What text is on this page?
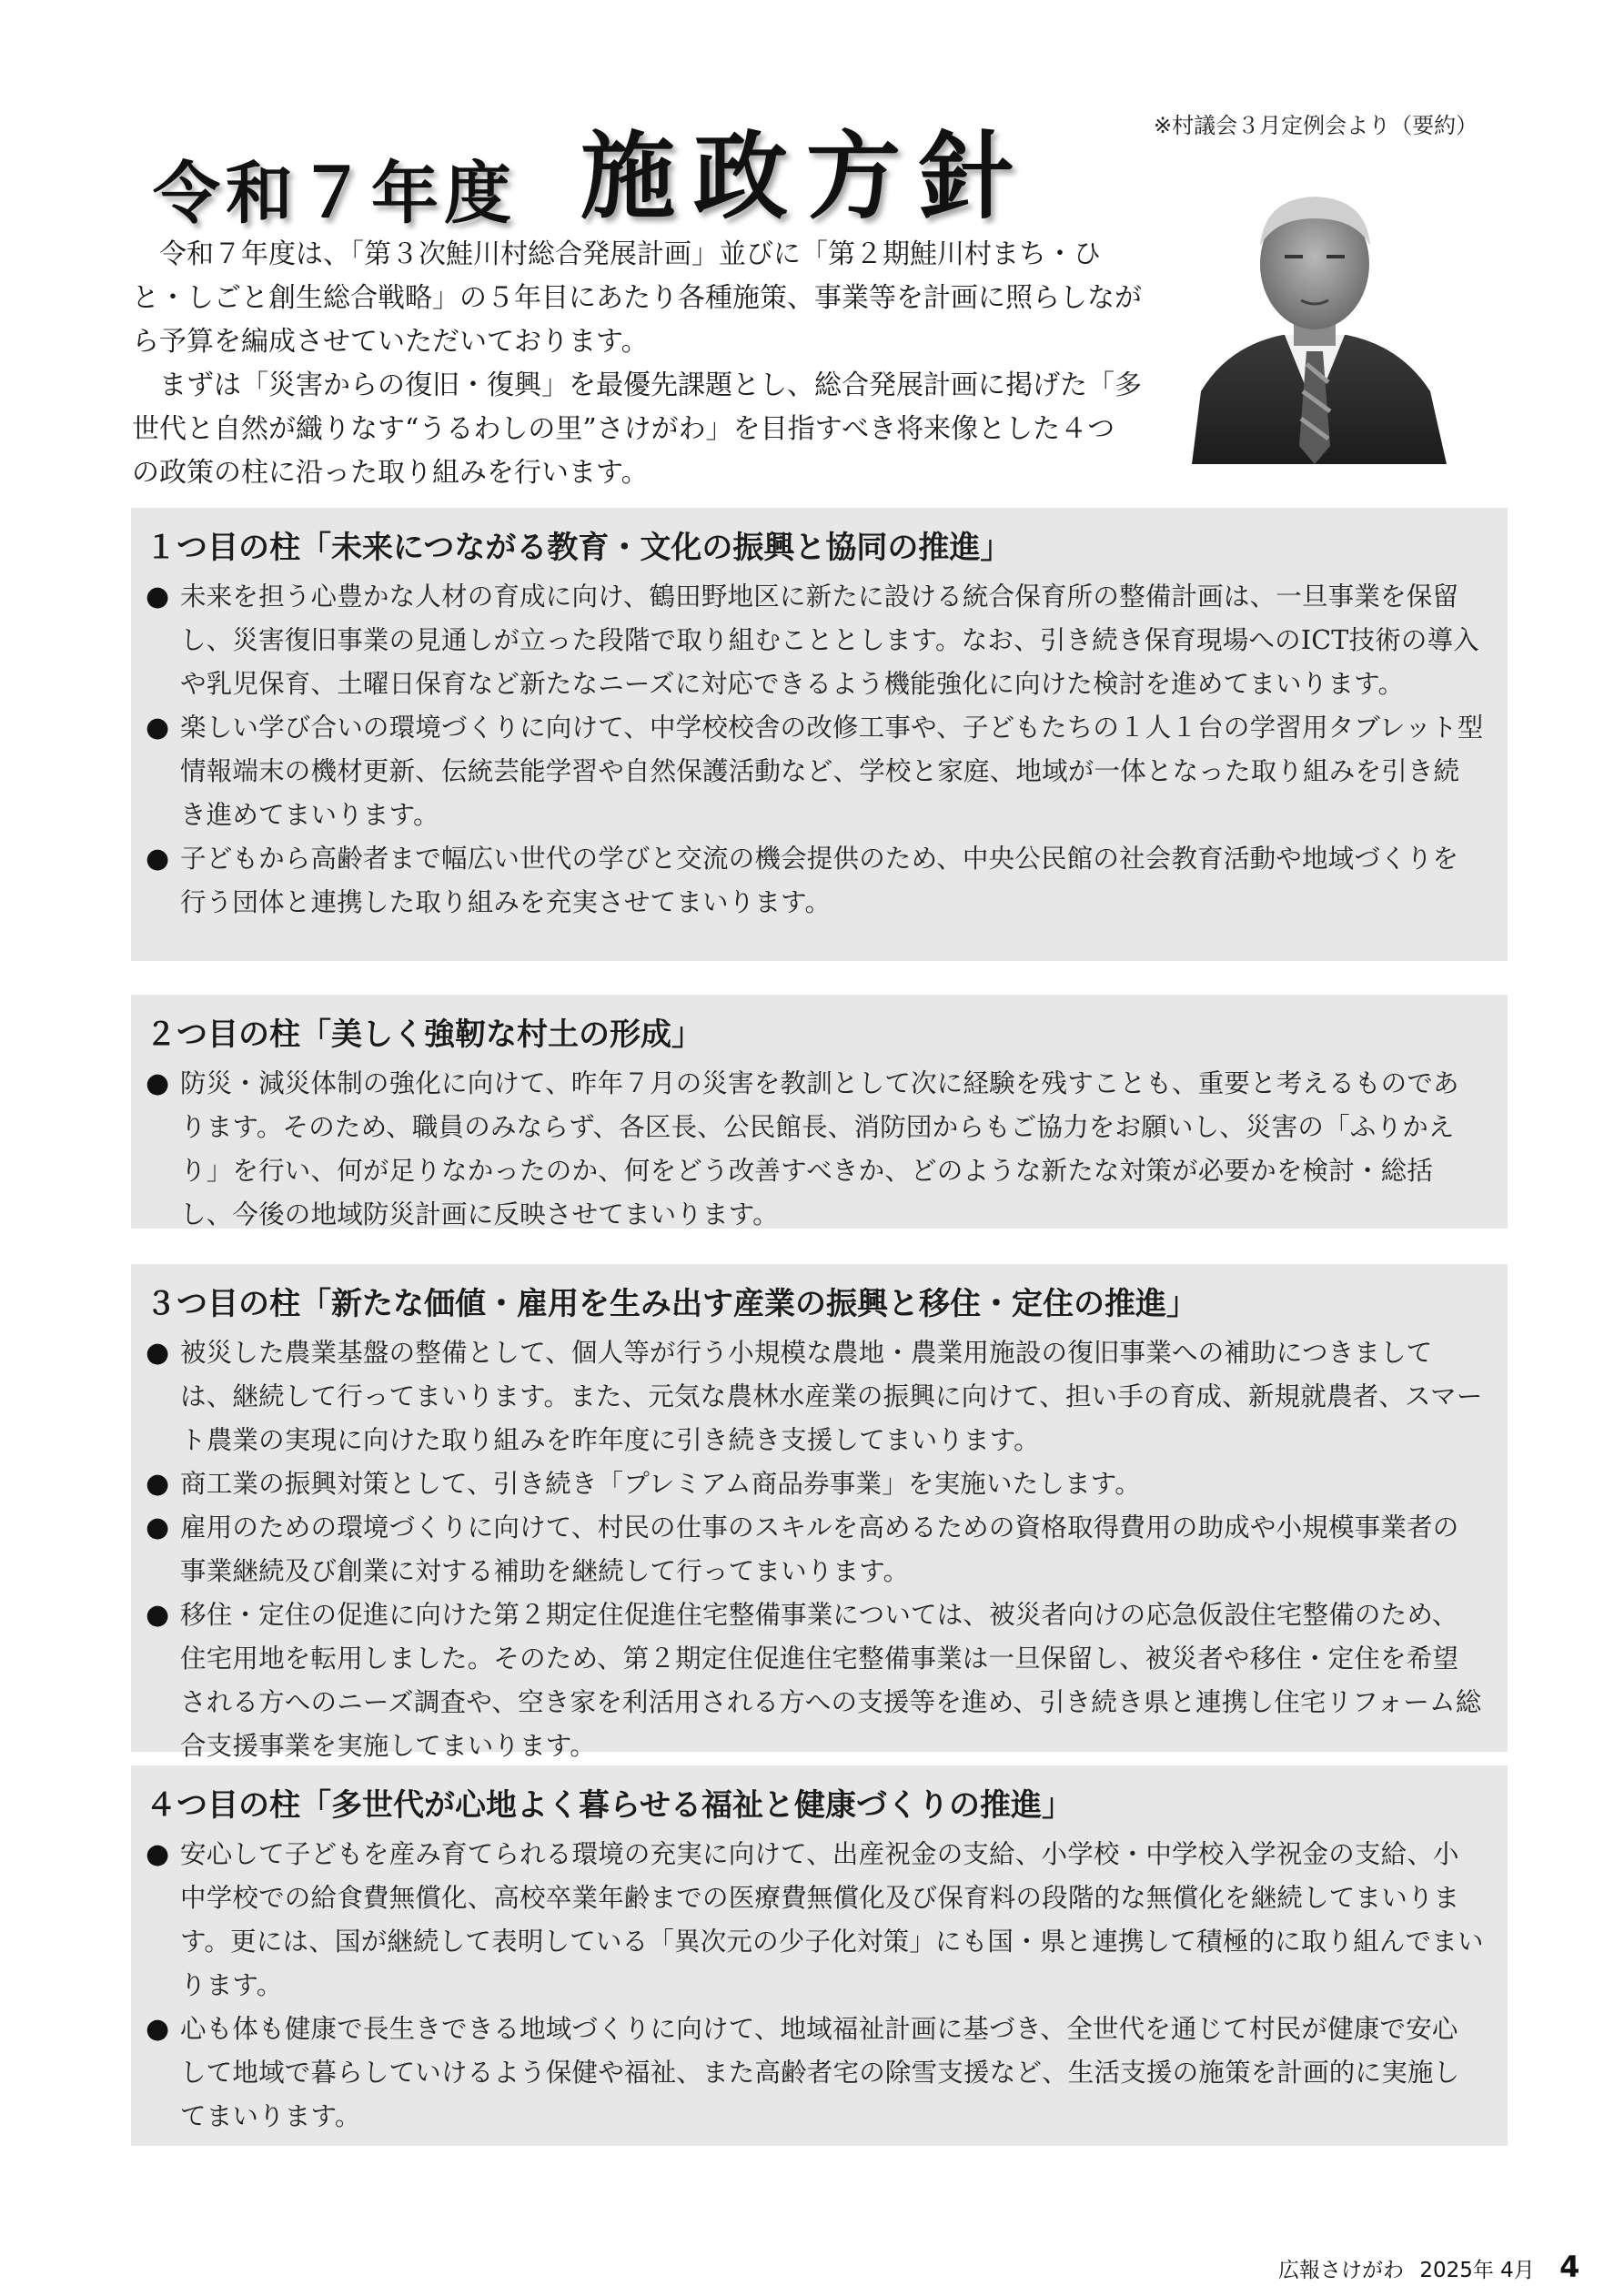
令和７年度 施政方針	※村議会３月定例会より（要約）

令和７年度は、「第３次鮭川村総合発展計画」並びに「第２期鮭川村まち・ひと・しごと創生総合戦略」の５年目にあたり各種施策、事業等を計画に照らしながら予算を編成させていただいております。

まずは「災害からの復旧・復興」を最優先課題とし、総合発展計画に掲げた「多世代と自然が織りなす“うるわしの里”さけがわ」を目指すべき将来像とした４つの政策の柱に沿った取り組みを行います。

１つ目の柱「未来につながる教育・文化の振興と協同の推進」
● 未来を担う心豊かな人材の育成に向け、鶴田野地区に新たに設ける統合保育所の整備計画は、一旦事業を保留し、災害復旧事業の見通しが立った段階で取り組むこととします。なお、引き続き保育現場へのICT技術の導入や乳児保育、土曜日保育など新たなニーズに対応できるよう機能強化に向けた検討を進めてまいります。
● 楽しい学び合いの環境づくりに向けて、中学校校舎の改修工事や、子どもたちの１人１台の学習用タブレット型情報端末の機材更新、伝統芸能学習や自然保護活動など、学校と家庭、地域が一体となった取り組みを引き続き進めてまいります。
● 子どもから高齢者まで幅広い世代の学びと交流の機会提供のため、中央公民館の社会教育活動や地域づくりを行う団体と連携した取り組みを充実させてまいります。
２つ目の柱「美しく強靭な村土の形成」
● 防災・減災体制の強化に向けて、昨年７月の災害を教訓として次に経験を残すことも、重要と考えるものであります。そのため、職員のみならず、各区長、公民館長、消防団からもご協力をお願いし、災害の「ふりかえり」を行い、何が足りなかったのか、何をどう改善すべきか、どのような新たな対策が必要かを検討・総括し、今後の地域防災計画に反映させてまいります。
３つ目の柱「新たな価値・雇用を生み出す産業の振興と移住・定住の推進」
● 被災した農業基盤の整備として、個人等が行う小規模な農地・農業用施設の復旧事業への補助につきましては、継続して行ってまいります。また、元気な農林水産業の振興に向けて、担い手の育成、新規就農者、スマート農業の実現に向けた取り組みを昨年度に引き続き支援してまいります。
● 商工業の振興対策として、引き続き「プレミアム商品券事業」を実施いたします。
● 雇用のための環境づくりに向けて、村民の仕事のスキルを高めるための資格取得費用の助成や小規模事業者の事業継続及び創業に対する補助を継続して行ってまいります。
● 移住・定住の促進に向けた第２期定住促進住宅整備事業については、被災者向けの応急仮設住宅整備のため、住宅用地を転用しました。そのため、第２期定住促進住宅整備事業は一旦保留し、被災者や移住・定住を希望される方へのニーズ調査や、空き家を利活用される方への支援等を進め、引き続き県と連携し住宅リフォーム総合支援事業を実施してまいります。
４つ目の柱「多世代が心地よく暮らせる福祉と健康づくりの推進」
● 安心して子どもを産み育てられる環境の充実に向けて、出産祝金の支給、小学校・中学校入学祝金の支給、小中学校での給食費無償化、高校卒業年齢までの医療費無償化及び保育料の段階的な無償化を継続してまいります。更には、国が継続して表明している「異次元の少子化対策」にも国・県と連携して積極的に取り組んでまいります。
● 心も体も健康で長生きできる地域づくりに向けて、地域福祉計画に基づき、全世代を通じて村民が健康で安心して地域で暮らしていけるよう保健や福祉、また高齢者宅の除雪支援など、生活支援の施策を計画的に実施してまいります。
広報さけがわ 2025年 4月 4
